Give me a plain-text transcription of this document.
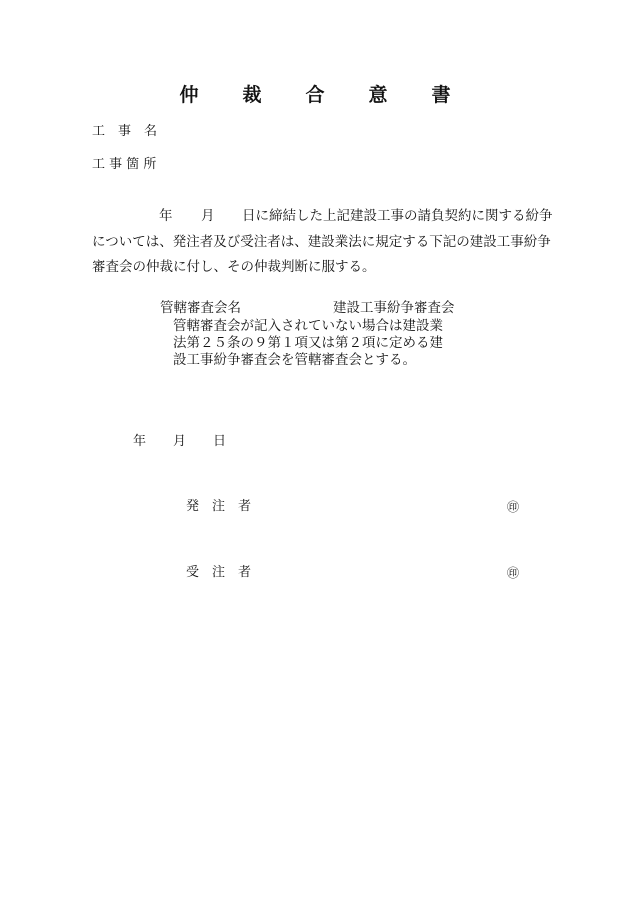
仲 裁 合 意 書
工　事　名
工 事 箇 所
年 月 日に締結した上記建設工事の請負契約に関する紛争
については、発注者及び受注者は、建設業法に規定する下記の建設工事紛争
審査会の仲裁に付し、その仲裁判断に服する。
管轄審査会名	建設工事紛争審査会
管轄審査会が記入されていない場合は建設業
法第２５条の９第１項又は第２項に定める建
設工事紛争審査会を管轄審査会とする。
年 月 日
発　注　者	㊞
受　注　者	㊞
